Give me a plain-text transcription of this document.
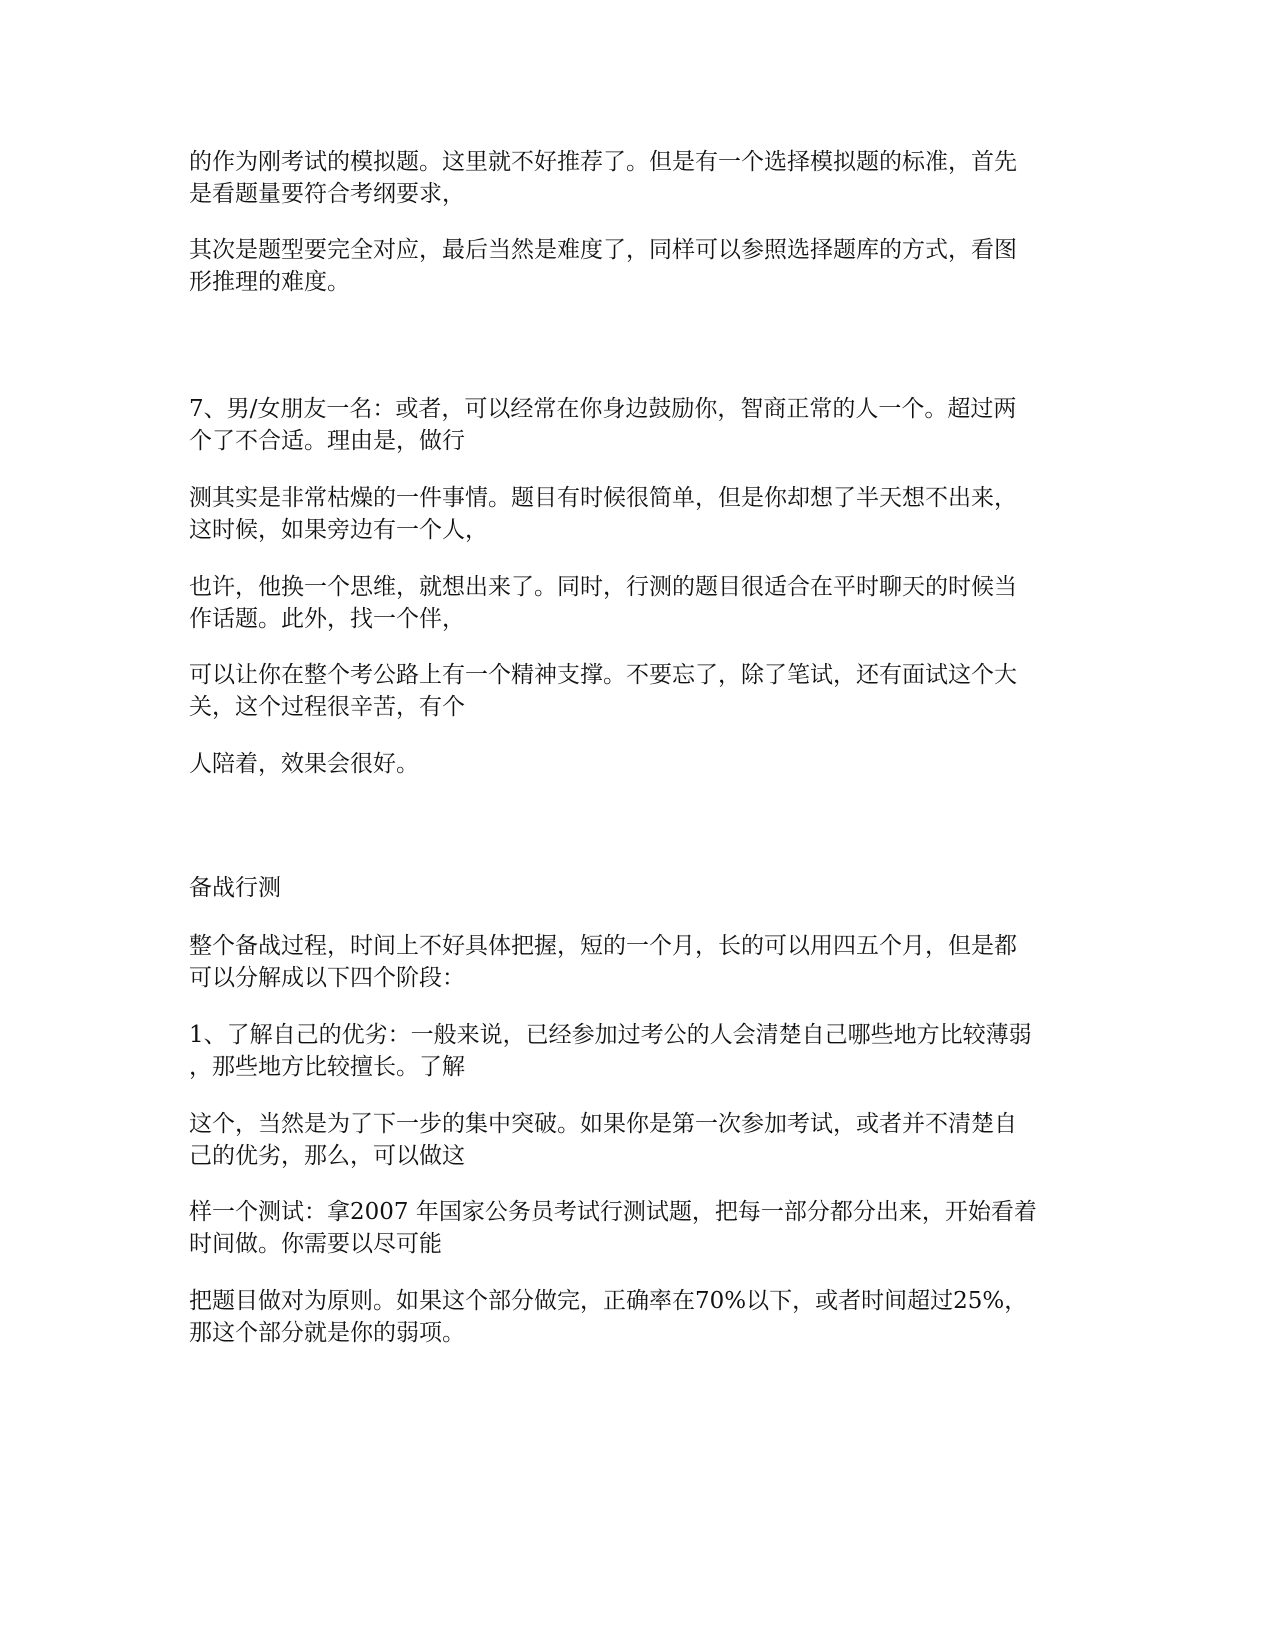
的作为刚考试的模拟题。这里就不好推荐了。但是有一个选择模拟题的标准，首先
是看题量要符合考纲要求，

其次是题型要完全对应，最后当然是难度了，同样可以参照选择题库的方式，看图
形推理的难度。

7、男/女朋友一名：或者，可以经常在你身边鼓励你，智商正常的人一个。超过两
个了不合适。理由是，做行

测其实是非常枯燥的一件事情。题目有时候很简单，但是你却想了半天想不出来，
这时候，如果旁边有一个人，

也许，他换一个思维，就想出来了。同时，行测的题目很适合在平时聊天的时候当
作话题。此外，找一个伴，

可以让你在整个考公路上有一个精神支撑。不要忘了，除了笔试，还有面试这个大
关，这个过程很辛苦，有个

人陪着，效果会很好。

备战行测

整个备战过程，时间上不好具体把握，短的一个月，长的可以用四五个月，但是都
可以分解成以下四个阶段：

1、了解自己的优劣：一般来说，已经参加过考公的人会清楚自己哪些地方比较薄弱
，那些地方比较擅长。了解

这个，当然是为了下一步的集中突破。如果你是第一次参加考试，或者并不清楚自
己的优劣，那么，可以做这

样一个测试：拿2007 年国家公务员考试行测试题，把每一部分都分出来，开始看着
时间做。你需要以尽可能

把题目做对为原则。如果这个部分做完，正确率在70%以下，或者时间超过25%，
那这个部分就是你的弱项。
